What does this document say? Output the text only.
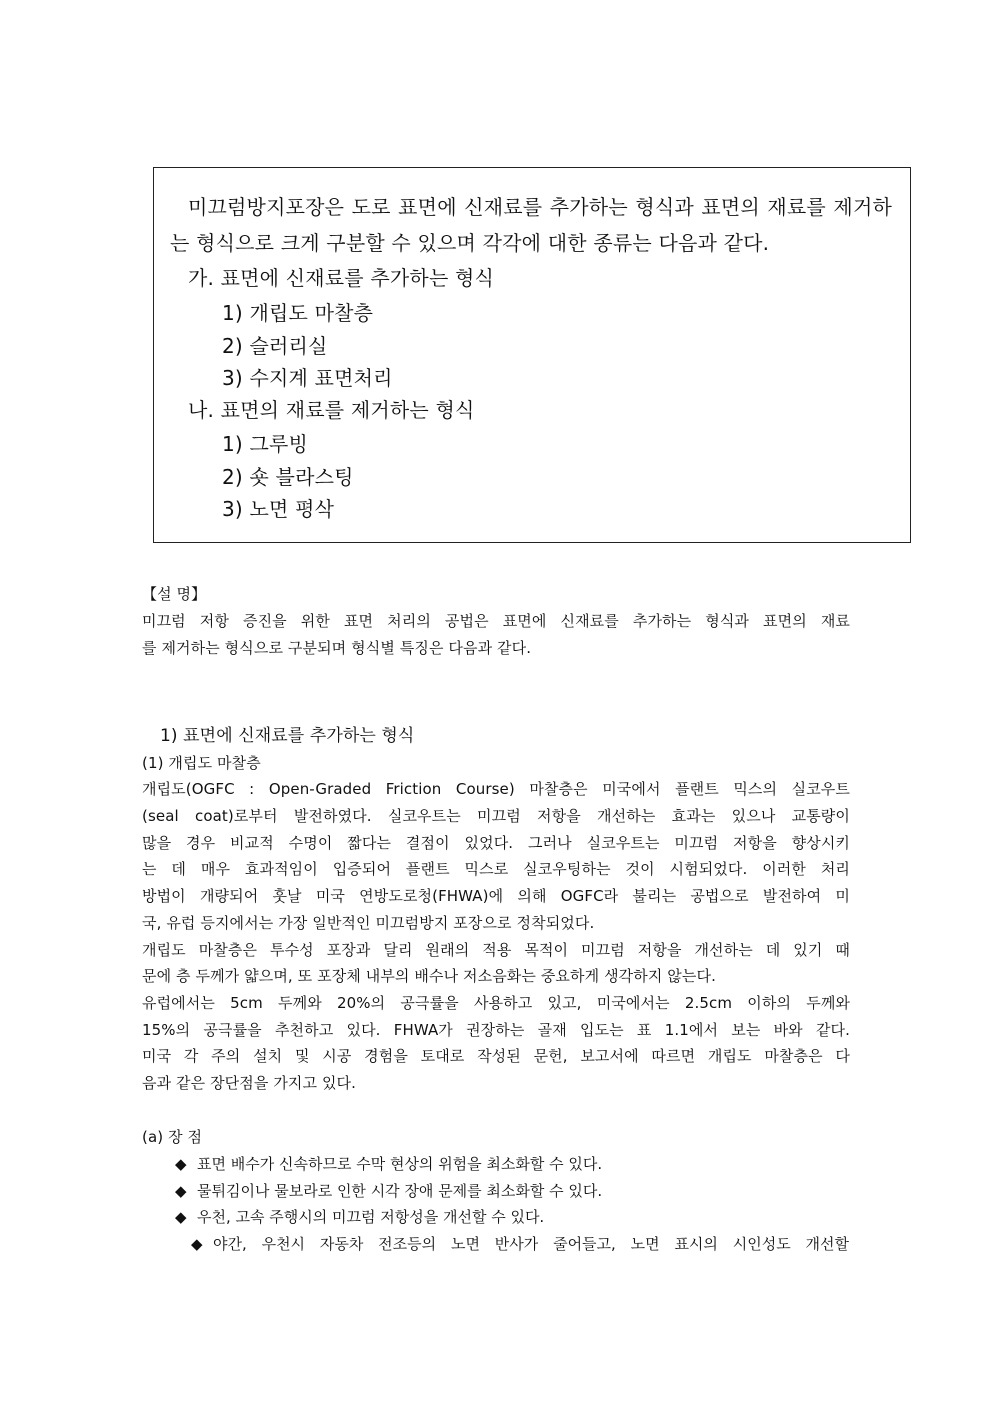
미끄럼방지포장은 도로 표면에 신재료를 추가하는 형식과 표면의 재료를 제거하
는 형식으로 크게 구분할 수 있으며 각각에 대한 종류는 다음과 같다.
가. 표면에 신재료를 추가하는 형식
1) 개립도 마찰층
2) 슬러리실
3) 수지계 표면처리
나. 표면의 재료를 제거하는 형식
1) 그루빙
2) 숏 블라스팅
3) 노면 평삭
【설 명】
미끄럼 저항 증진을 위한 표면 처리의 공법은 표면에 신재료를 추가하는 형식과 표면의 재료
를 제거하는 형식으로 구분되며 형식별 특징은 다음과 같다.
1) 표면에 신재료를 추가하는 형식
(1) 개립도 마찰층
개립도(OGFC : Open-Graded Friction Course) 마찰층은 미국에서 플랜트 믹스의 실코우트
(seal coat)로부터 발전하였다. 실코우트는 미끄럼 저항을 개선하는 효과는 있으나 교통량이
많을 경우 비교적 수명이 짧다는 결점이 있었다. 그러나 실코우트는 미끄럼 저항을 향상시키
는 데 매우 효과적임이 입증되어 플랜트 믹스로 실코우팅하는 것이 시험되었다. 이러한 처리
방법이 개량되어 훗날 미국 연방도로청(FHWA)에 의해 OGFC라 불리는 공법으로 발전하여 미
국, 유럽 등지에서는 가장 일반적인 미끄럼방지 포장으로 정착되었다.
개립도 마찰층은 투수성 포장과 달리 원래의 적용 목적이 미끄럼 저항을 개선하는 데 있기 때
문에 층 두께가 얇으며, 또 포장체 내부의 배수나 저소음화는 중요하게 생각하지 않는다.
유럽에서는 5cm 두께와 20%의 공극률을 사용하고 있고, 미국에서는 2.5cm 이하의 두께와
15%의 공극률을 추천하고 있다. FHWA가 권장하는 골재 입도는 표 1.1에서 보는 바와 같다.
미국 각 주의 설치 및 시공 경험을 토대로 작성된 문헌, 보고서에 따르면 개립도 마찰층은 다
음과 같은 장단점을 가지고 있다.
(a) 장 점
◆ 표면 배수가 신속하므로 수막 현상의 위험을 최소화할 수 있다.
◆ 물튀김이나 물보라로 인한 시각 장애 문제를 최소화할 수 있다.
◆ 우천, 고속 주행시의 미끄럼 저항성을 개선할 수 있다.
◆ 야간, 우천시 자동차 전조등의 노면 반사가 줄어들고, 노면 표시의 시인성도 개선할
